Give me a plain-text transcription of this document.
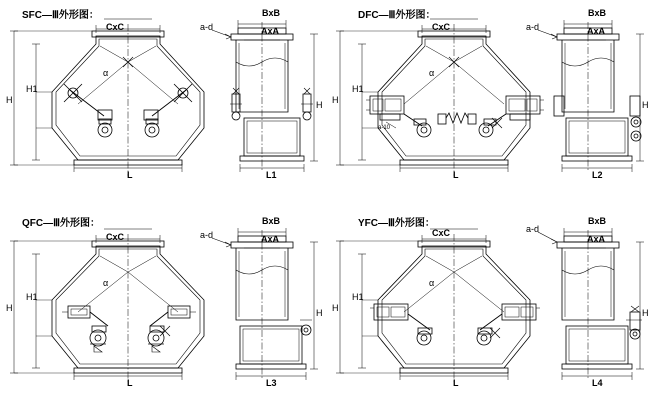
SFC—Ⅲ外形图：
CxC
H
H1
L
α
BxB
AxA
H
L1
a-d
DFC—Ⅲ外形图：
CxC
H
H1
L
α
a-10
BxB
AxA
H
L2
a-d
QFC—Ⅲ外形图：
CxC
H
H1
L
α
BxB
AxA
H
L3
a-d
YFC—Ⅲ外形图：
CxC
H
H1
L
α
BxB
AxA
H
L4
a-d
